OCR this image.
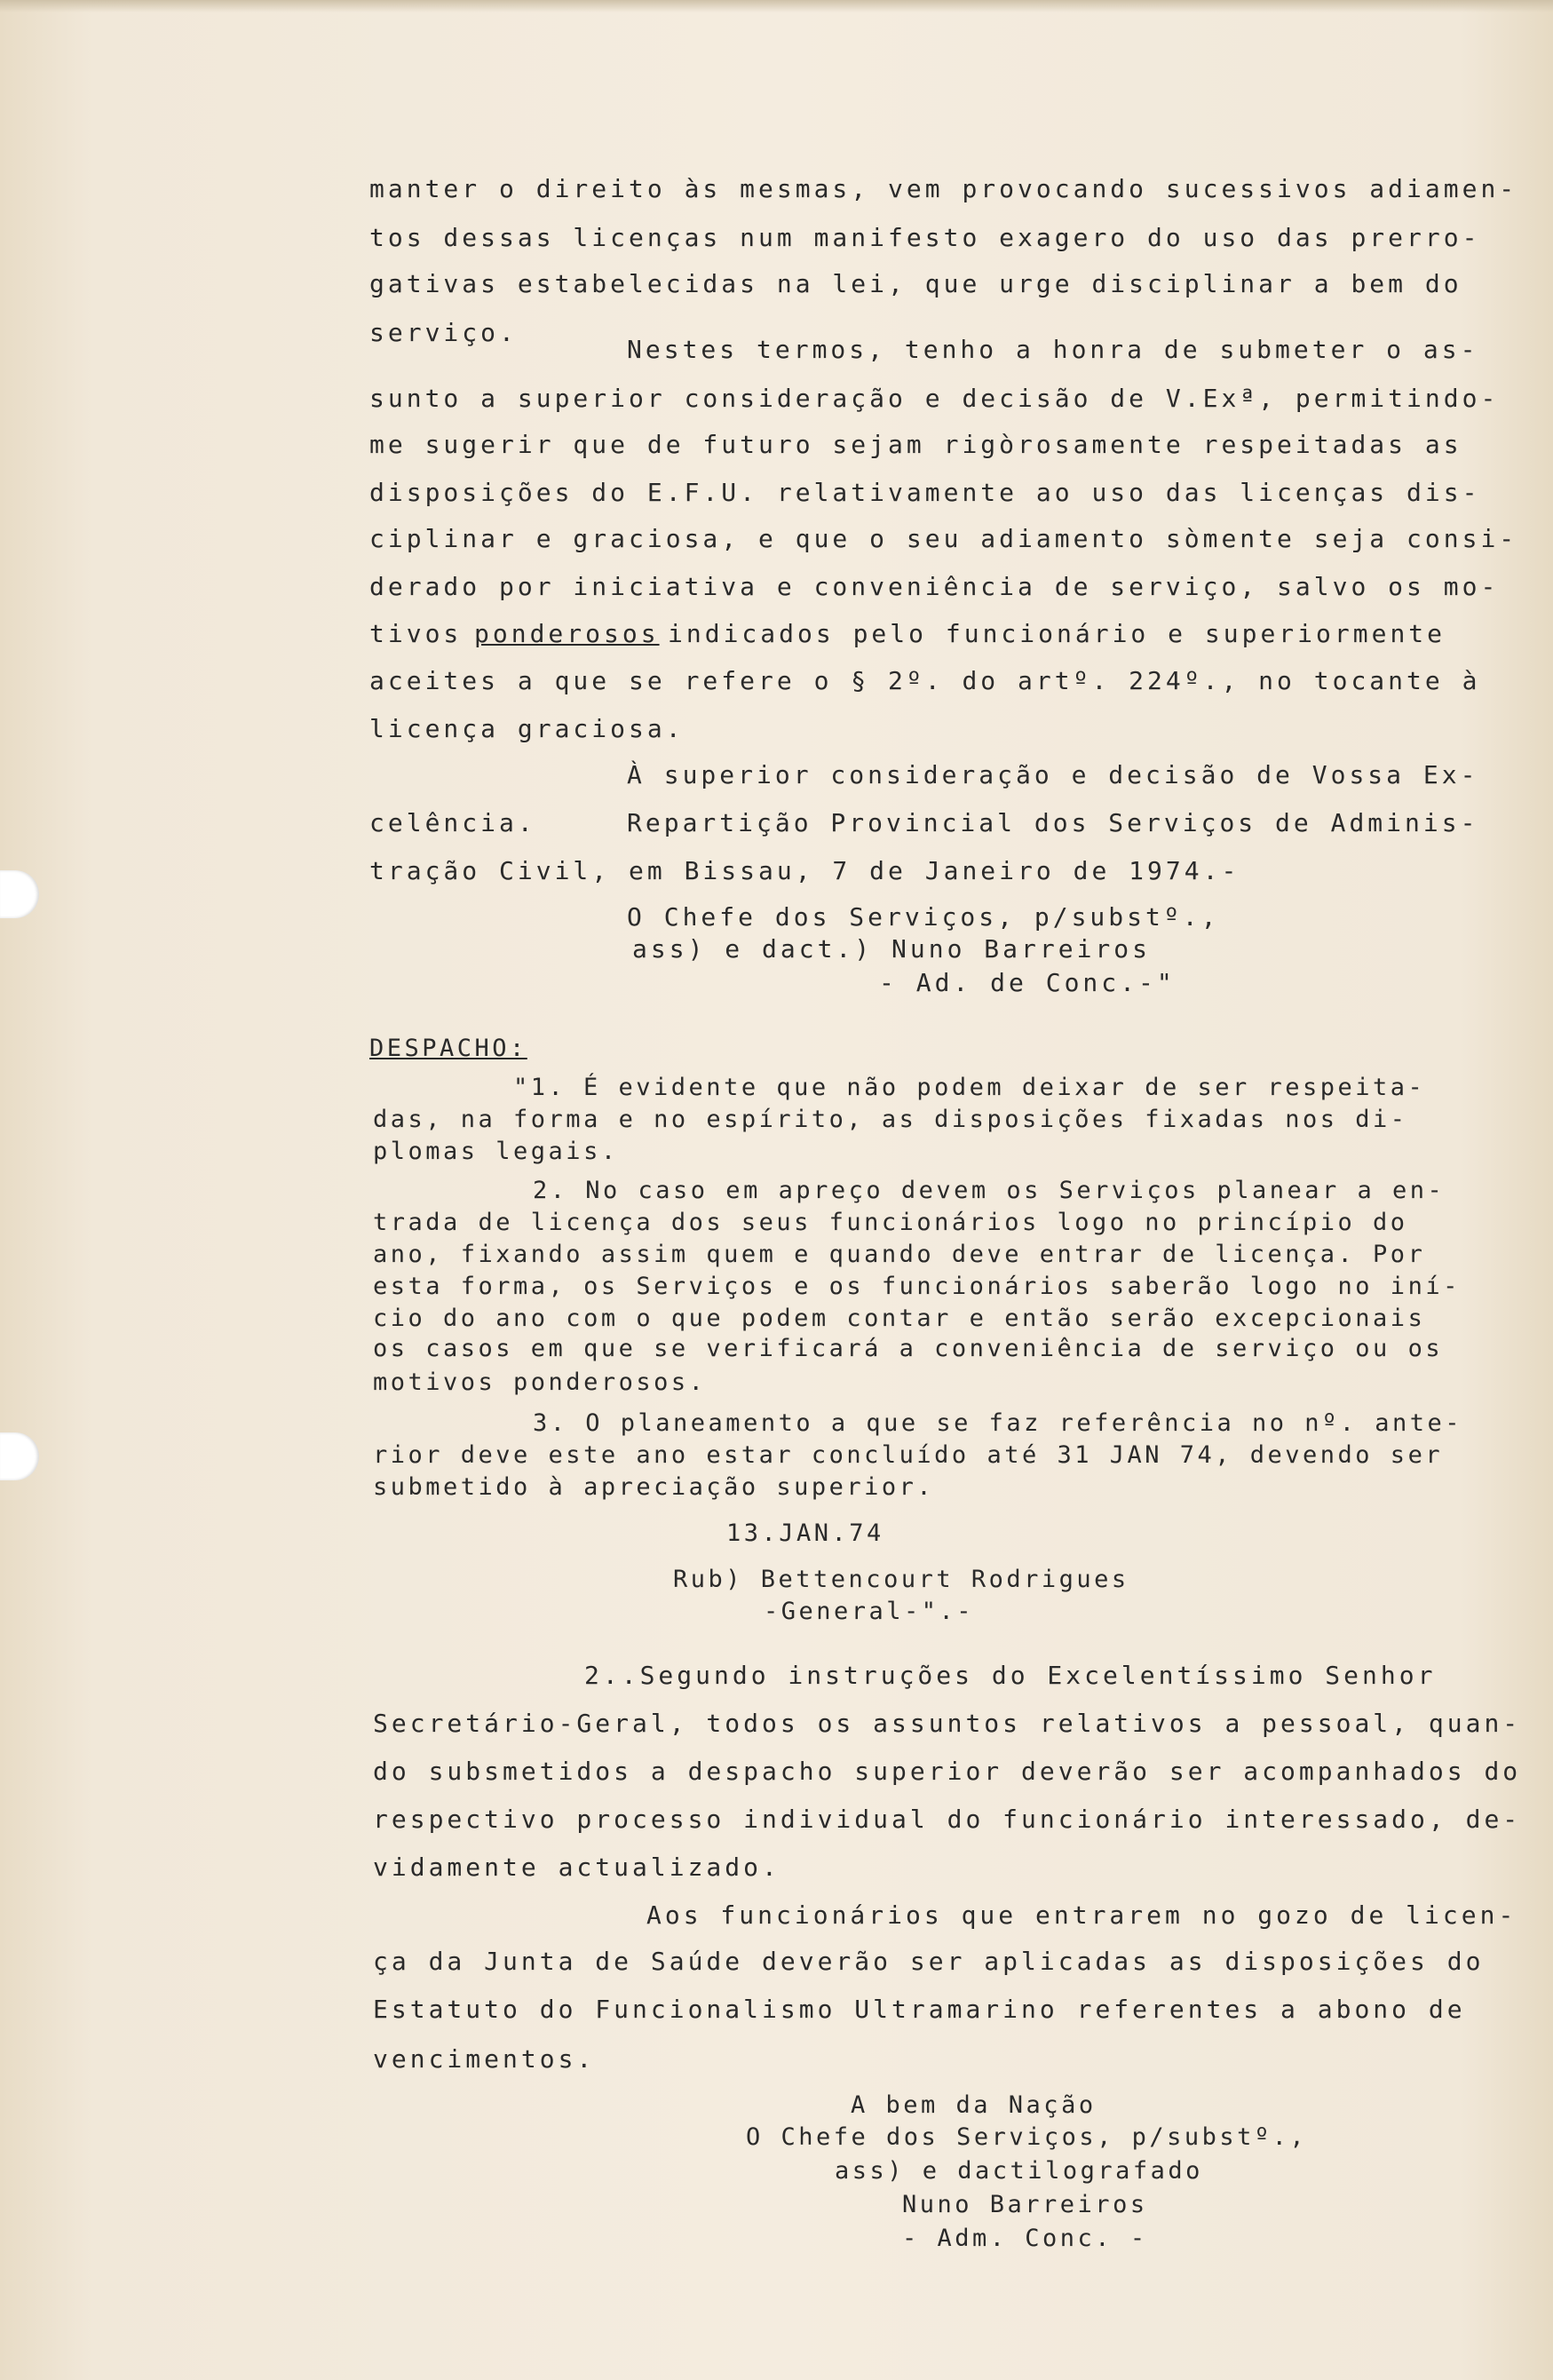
manter o direito às mesmas, vem provocando sucessivos adiamen-
tos dessas licenças num manifesto exagero do uso das prerro-
gativas estabelecidas na lei, que urge disciplinar a bem do
serviço.
Nestes termos, tenho a honra de submeter o as-
sunto a superior consideração e decisão de V.Exª, permitindo-
me sugerir que de futuro sejam rigòrosamente respeitadas as
disposições do E.F.U. relativamente ao uso das licenças dis-
ciplinar e graciosa, e que o seu adiamento sòmente seja consi-
derado por iniciativa e conveniência de serviço, salvo os mo-
tivos ponderosos indicados pelo funcionário e superiormente
aceites a que se refere o § 2º. do artº. 224º., no tocante à
licença graciosa.
À superior consideração e decisão de Vossa Ex-
celência.	Repartição Provincial dos Serviços de Adminis-
tração Civil, em Bissau, 7 de Janeiro de 1974.-
O Chefe dos Serviços, p/substº.,
ass) e dact.) Nuno Barreiros
- Ad. de Conc.-"
DESPACHO:
"1. É evidente que não podem deixar de ser respeita-
das, na forma e no espírito, as disposições fixadas nos di-
plomas legais.
2. No caso em apreço devem os Serviços planear a en-
trada de licença dos seus funcionários logo no princípio do
ano, fixando assim quem e quando deve entrar de licença. Por
esta forma, os Serviços e os funcionários saberão logo no iní-
cio do ano com o que podem contar e então serão excepcionais
os casos em que se verificará a conveniência de serviço ou os
motivos ponderosos.
3. O planeamento a que se faz referência no nº. ante-
rior deve este ano estar concluído até 31 JAN 74, devendo ser
submetido à apreciação superior.
13.JAN.74
Rub) Bettencourt Rodrigues
-General-".-
2..Segundo instruções do Excelentíssimo Senhor
Secretário-Geral, todos os assuntos relativos a pessoal, quan-
do subsmetidos a despacho superior deverão ser acompanhados do
respectivo processo individual do funcionário interessado, de-
vidamente actualizado.
Aos funcionários que entrarem no gozo de licen-
ça da Junta de Saúde deverão ser aplicadas as disposições do
Estatuto do Funcionalismo Ultramarino referentes a abono de
vencimentos.
A bem da Nação
O Chefe dos Serviços, p/substº.,
ass) e dactilografado
Nuno Barreiros
- Adm. Conc. -
